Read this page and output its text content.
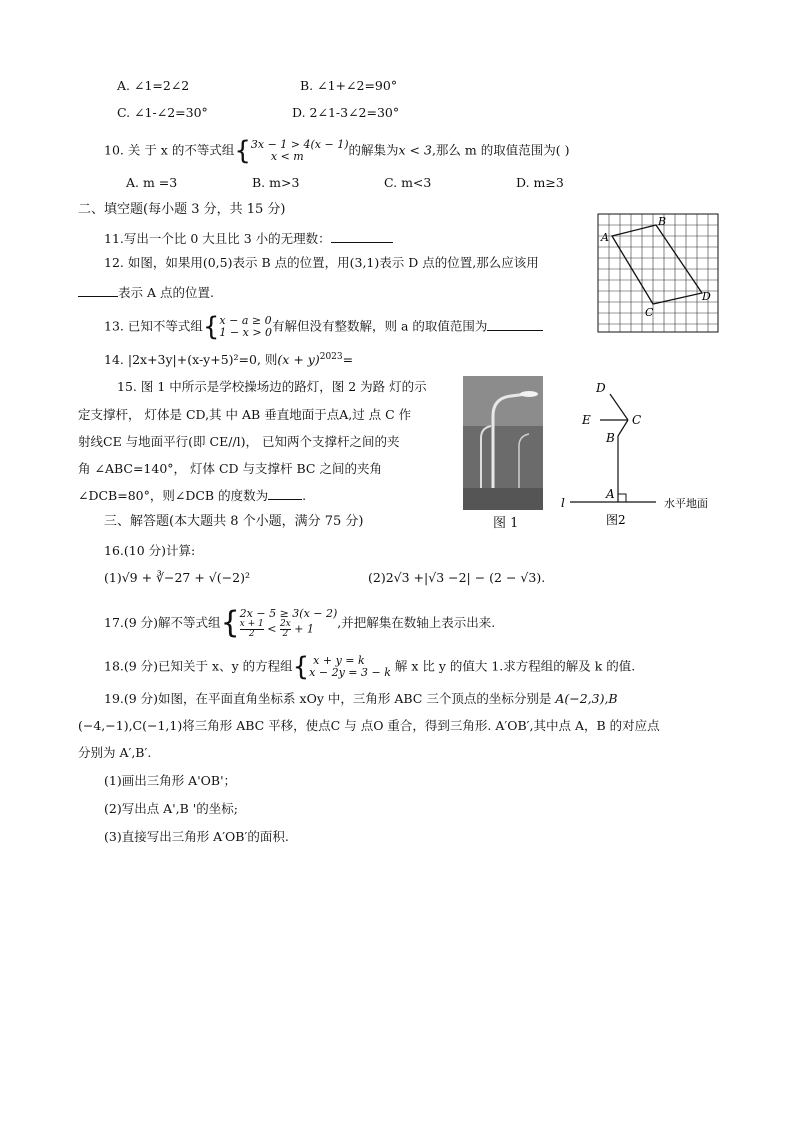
A. ∠1=2∠2	B. ∠1+∠2=90°
C. ∠1-∠2=30°	D. 2∠1-3∠2=30°
10. 关 于 x 的不等式组{3x − 1 > 4(x − 1)
x < m	的解集为x < 3,那么 m 的取值范围为( )
A. m =3	B. m>3	C. m<3	D. m≥3
二、填空题(每小题 3 分，共 15 分)
11.写出一个比 0 大且比 3 小的无理数：
12. 如图，如果用(0,5)表示 B 点的位置，用(3,1)表示 D 点的位置,那么应该用
表示 A 点的位置.
A
B
C
D
13. 已知不等式组{x − a ≥ 0
1 − x > 0有解但没有整数解，则 a 的取值范围为
14. |2x+3y|+(x-y+5)²=0, 则$(x + y)^{2023}=$
15. 图 1 中所示是学校操场边的路灯，图 2 为路 灯的示
定支撑杆， 灯体是 CD,其 中 AB 垂直地面于点A,过 点 C 作
射线CE 与地面平行(即 CE//l)， 已知两个支撑杆之间的夹
角 ∠ABC=140°， 灯体 CD 与支撑杆 BC 之间的夹角
∠DCB=80°，则∠DCB 的度数为	.
图 1
D
E	C
B
A
l	水平地面
图2
三、解答题(本大题共 8 个小题，满分 75 分)
16.(10 分)计算:
(1)√9 + ∛−27 + √(−2)²	(2)2√3 +|√3 −2| − (2 − √3).
17.(9 分)解不等式组{2x − 5 ≥ 3(x − 2)
$\frac{x + 1}{2} < \frac{2x}{2} + 1$ ,并把解集在数轴上表示出来.
18.(9 分)已知关于 x、y 的方程组{ x + y = k
x − 2y = 3 − k 解 x 比 y 的值大 1.求方程组的解及 k 的值.
19.(9 分)如图，在平面直角坐标系 xOy 中，三角形 ABC 三个顶点的坐标分别是 A(−2,3),B
(−4,−1),C(−1,1)将三角形 ABC 平移，使点C 与 点O 重合，得到三角形. A′OB′,其中点 A，B 的对应点
分别为 A′,B′.
(1)画出三角形 A'OB'；
(2)写出点 A',B '的坐标;
(3)直接写出三角形 A′OB′的面积.
